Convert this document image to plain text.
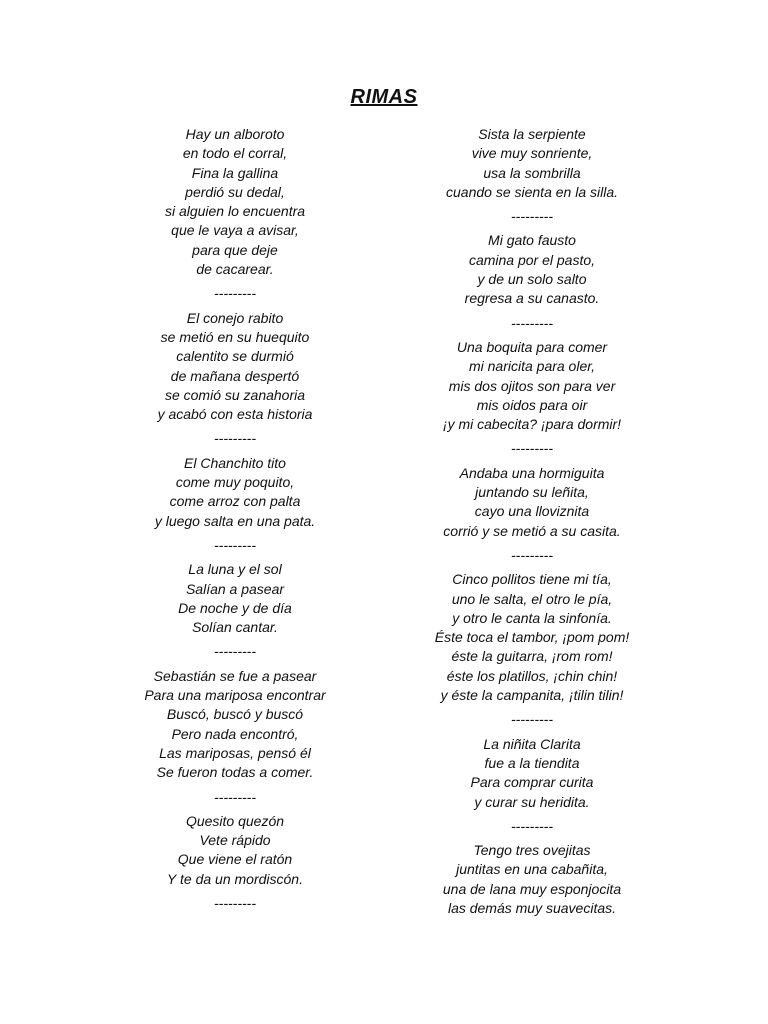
RIMAS
Hay un alboroto
en todo el corral,
Fina la gallina
perdió su dedal,
si alguien lo encuentra
que le vaya a avisar,
para que deje
de cacarear.
---------
El conejo rabito
se metió en su huequito
calentito se durmió
de mañana despertó
se comió su zanahoria
y acabó con esta historia
---------
El Chanchito tito
come muy poquito,
come arroz con palta
y luego salta en una pata.
---------
La luna y el sol
Salían a pasear
De noche y de día
Solían cantar.
---------
Sebastián se fue a pasear
Para una mariposa encontrar
Buscó, buscó y buscó
Pero nada encontró,
Las mariposas, pensó él
Se fueron todas a comer.
---------
Quesito quezón
Vete rápido
Que viene el ratón
Y te da un mordiscón.
---------
Sista la serpiente
vive muy sonriente,
usa la sombrilla
cuando se sienta en la silla.
---------
Mi gato fausto
camina por el pasto,
y de un solo salto
regresa a su canasto.
---------
Una boquita para comer
mi naricita para oler,
mis dos ojitos son para ver
mis oidos para oir
¡y mi cabecita? ¡para dormir!
---------
Andaba una hormiguita
juntando su leñita,
cayo una lloviznita
corrió y se metió a su casita.
---------
Cinco pollitos tiene mi tía,
uno le salta, el otro le pía,
y otro le canta la sinfonía.
Éste toca el tambor, ¡pom pom!
éste la guitarra, ¡rom rom!
éste los platillos, ¡chin chin!
y éste la campanita, ¡tilin tilin!
---------
La niñita Clarita
fue a la tiendita
Para comprar curita
y curar su heridita.
---------
Tengo tres ovejitas
juntitas en una cabañita,
una de lana muy esponjocita
las demás muy suavecitas.
